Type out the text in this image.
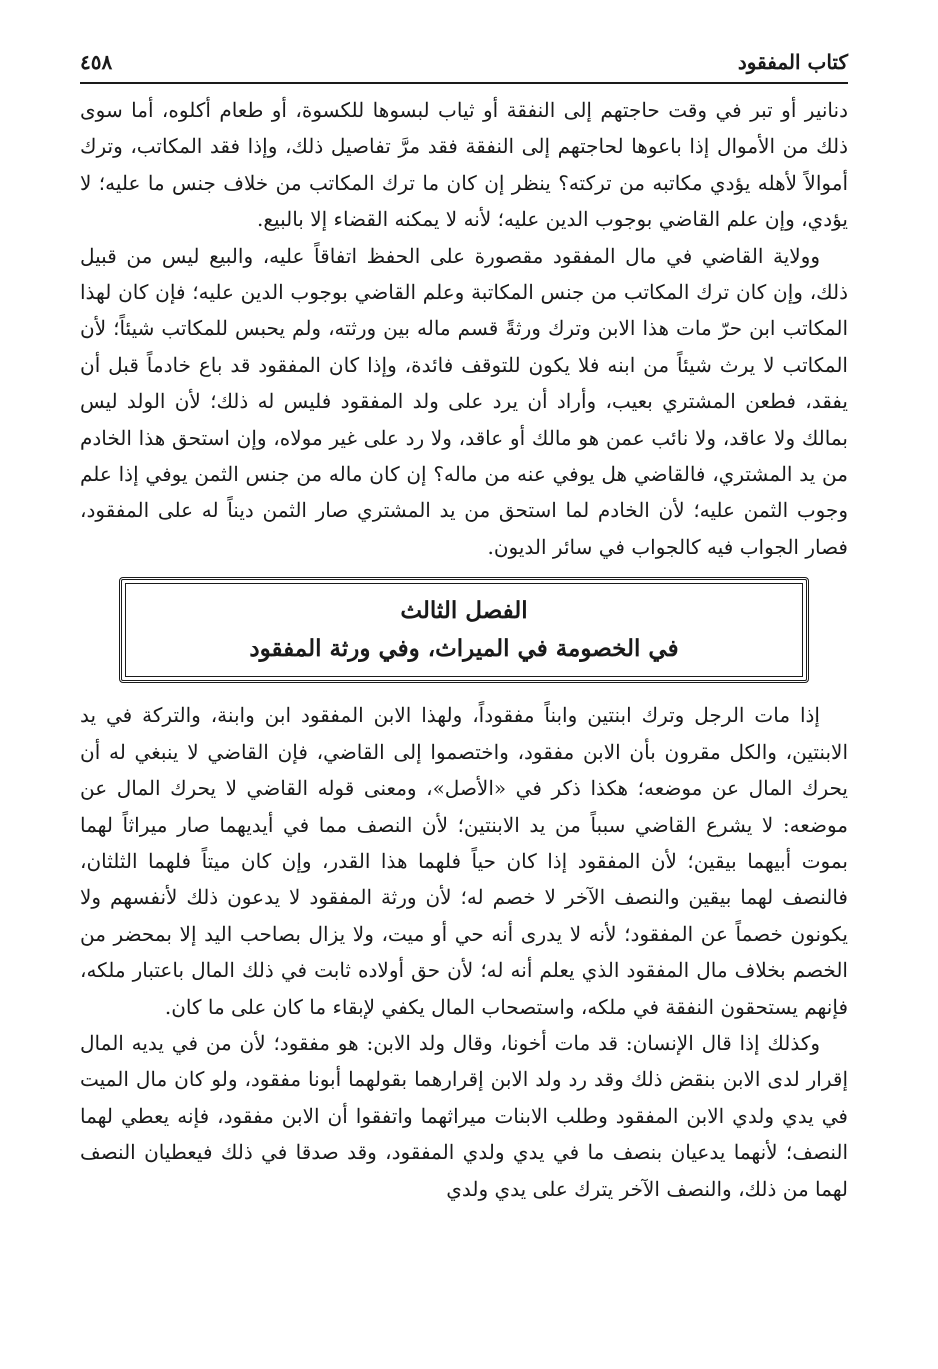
كتاب المفقود
٤٥٨

دنانير أو تبر في وقت حاجتهم إلى النفقة أو ثياب لبسوها للكسوة، أو طعام أكلوه، أما سوى ذلك من الأموال إذا باعوها لحاجتهم إلى النفقة فقد مرَّ تفاصيل ذلك، وإذا فقد المكاتب، وترك أموالاً لأهله يؤدي مكاتبه من تركته؟ ينظر إن كان ما ترك المكاتب من خلاف جنس ما عليه؛ لا يؤدي، وإن علم القاضي بوجوب الدين عليه؛ لأنه لا يمكنه القضاء إلا بالبيع.

وولاية القاضي في مال المفقود مقصورة على الحفظ اتفاقاً عليه، والبيع ليس من قبيل ذلك، وإن كان ترك المكاتب من جنس المكاتبة وعلم القاضي بوجوب الدين عليه؛ فإن كان لهذا المكاتب ابن حرّ مات هذا الابن وترك ورثةً قسم ماله بين ورثته، ولم يحبس للمكاتب شيئاً؛ لأن المكاتب لا يرث شيئاً من ابنه فلا يكون للتوقف فائدة، وإذا كان المفقود قد باع خادماً قبل أن يفقد، فطعن المشتري بعيب، وأراد أن يرد على ولد المفقود فليس له ذلك؛ لأن الولد ليس بمالك ولا عاقد، ولا نائب عمن هو مالك أو عاقد، ولا رد على غير مولاه، وإن استحق هذا الخادم من يد المشتري، فالقاضي هل يوفي عنه من ماله؟ إن كان ماله من جنس الثمن يوفي إذا علم وجوب الثمن عليه؛ لأن الخادم لما استحق من يد المشتري صار الثمن ديناً له على المفقود، فصار الجواب فيه كالجواب في سائر الديون.

الفصل الثالث
في الخصومة في الميراث، وفي ورثة المفقود

إذا مات الرجل وترك ابنتين وابناً مفقوداً، ولهذا الابن المفقود ابن وابنة، والتركة في يد الابنتين، والكل مقرون بأن الابن مفقود، واختصموا إلى القاضي، فإن القاضي لا ينبغي له أن يحرك المال عن موضعه؛ هكذا ذكر في «الأصل»، ومعنى قوله القاضي لا يحرك المال عن موضعه: لا يشرع القاضي سبباً من يد الابنتين؛ لأن النصف مما في أيديهما صار ميراثاً لهما بموت أبيهما بيقين؛ لأن المفقود إذا كان حياً فلهما هذا القدر، وإن كان ميتاً فلهما الثلثان، فالنصف لهما بيقين والنصف الآخر لا خصم له؛ لأن ورثة المفقود لا يدعون ذلك لأنفسهم ولا يكونون خصماً عن المفقود؛ لأنه لا يدرى أنه حي أو ميت، ولا يزال بصاحب اليد إلا بمحضر من الخصم بخلاف مال المفقود الذي يعلم أنه له؛ لأن حق أولاده ثابت في ذلك المال باعتبار ملكه، فإنهم يستحقون النفقة في ملكه، واستصحاب المال يكفي لإبقاء ما كان على ما كان.

وكذلك إذا قال الإنسان: قد مات أخونا، وقال ولد الابن: هو مفقود؛ لأن من في يديه المال إقرار لدى الابن بنقض ذلك وقد رد ولد الابن إقرارهما بقولهما أبونا مفقود، ولو كان مال الميت في يدي ولدي الابن المفقود وطلب الابنات ميراثهما واتفقوا أن الابن مفقود، فإنه يعطي لهما النصف؛ لأنهما يدعيان بنصف ما في يدي ولدي المفقود، وقد صدقا في ذلك فيعطيان النصف لهما من ذلك، والنصف الآخر يترك على يدي ولدي
